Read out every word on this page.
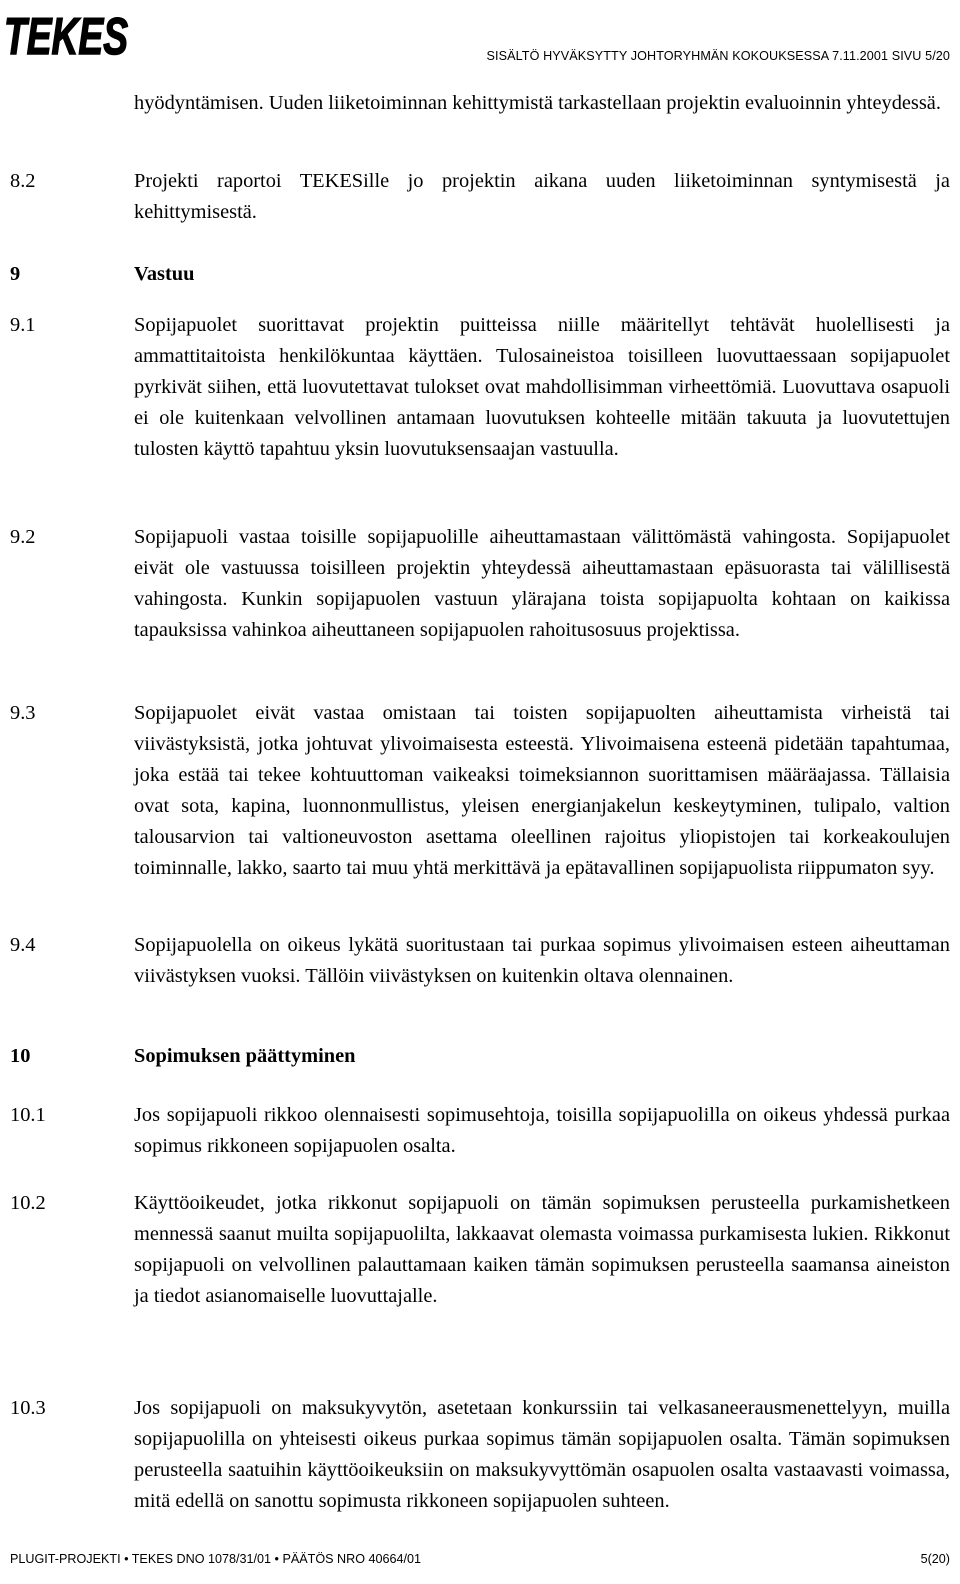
TEKES	SISÄLTÖ HYVÄKSYTTY JOHTORYHMÄN KOKOUKSESSA 7.11.2001 SIVU 5/20
hyödyntämisen. Uuden liiketoiminnan kehittymistä tarkastellaan projektin evaluoinnin yhteydessä.
8.2	Projekti raportoi TEKESille jo projektin aikana uuden liiketoiminnan syntymisestä ja kehittymisestä.
9	Vastuu
9.1	Sopijapuolet suorittavat projektin puitteissa niille määritellyt tehtävät huolellisesti ja ammattitaitoista henkilökuntaa käyttäen. Tulosaineistoa toisilleen luovuttaessaan sopijapuolet pyrkivät siihen, että luovutettavat tulokset ovat mahdollisimman virheettömiä. Luovuttava osapuoli ei ole kuitenkaan velvollinen antamaan luovutuksen kohteelle mitään takuuta ja luovutettujen tulosten käyttö tapahtuu yksin luovutuksensaajan vastuulla.
9.2	Sopijapuoli vastaa toisille sopijapuolille aiheuttamastaan välittömästä vahingosta. Sopijapuolet eivät ole vastuussa toisilleen projektin yhteydessä aiheuttamastaan epäsuorasta tai välillisestä vahingosta. Kunkin sopijapuolen vastuun ylärajana toista sopijapuolta kohtaan on kaikissa tapauksissa vahinkoa aiheuttaneen sopijapuolen rahoitusosuus projektissa.
9.3	Sopijapuolet eivät vastaa omistaan tai toisten sopijapuolten aiheuttamista virheistä tai viivästyksistä, jotka johtuvat ylivoimaisesta esteestä. Ylivoimaisena esteenä pidetään tapahtumaa, joka estää tai tekee kohtuuttoman vaikeaksi toimeksiannon suorittamisen määräajassa. Tällaisia ovat sota, kapina, luonnonmullistus, yleisen energianjakelun keskeytyminen, tulipalo, valtion talousarvion tai valtioneuvoston asettama oleellinen rajoitus yliopistojen tai korkeakoulujen toiminnalle, lakko, saarto tai muu yhtä merkittävä ja epätavallinen sopijapuolista riippumaton syy.
9.4	Sopijapuolella on oikeus lykätä suoritustaan tai purkaa sopimus ylivoimaisen esteen aiheuttaman viivästyksen vuoksi. Tällöin viivästyksen on kuitenkin oltava olennainen.
10	Sopimuksen päättyminen
10.1	Jos sopijapuoli rikkoo olennaisesti sopimusehtoja, toisilla sopijapuolilla on oikeus yhdessä purkaa sopimus rikkoneen sopijapuolen osalta.
10.2	Käyttöoikeudet, jotka rikkonut sopijapuoli on tämän sopimuksen perusteella purkamishetkeen mennessä saanut muilta sopijapuolilta, lakkaavat olemasta voimassa purkamisesta lukien. Rikkonut sopijapuoli on velvollinen palauttamaan kaiken tämän sopimuksen perusteella saamansa aineiston ja tiedot asianomaiselle luovuttajalle.
10.3	Jos sopijapuoli on maksukyvytön, asetetaan konkurssiin tai velkasaneerausmenettelyyn, muilla sopijapuolilla on yhteisesti oikeus purkaa sopimus tämän sopijapuolen osalta. Tämän sopimuksen perusteella saatuihin käyttöoikeuksiin on maksukyvyttömän osapuolen osalta vastaavasti voimassa, mitä edellä on sanottu sopimusta rikkoneen sopijapuolen suhteen.
PLUGIT-PROJEKTI • TEKES DNO 1078/31/01 • PÄÄTÖS NRO 40664/01	5(20)
